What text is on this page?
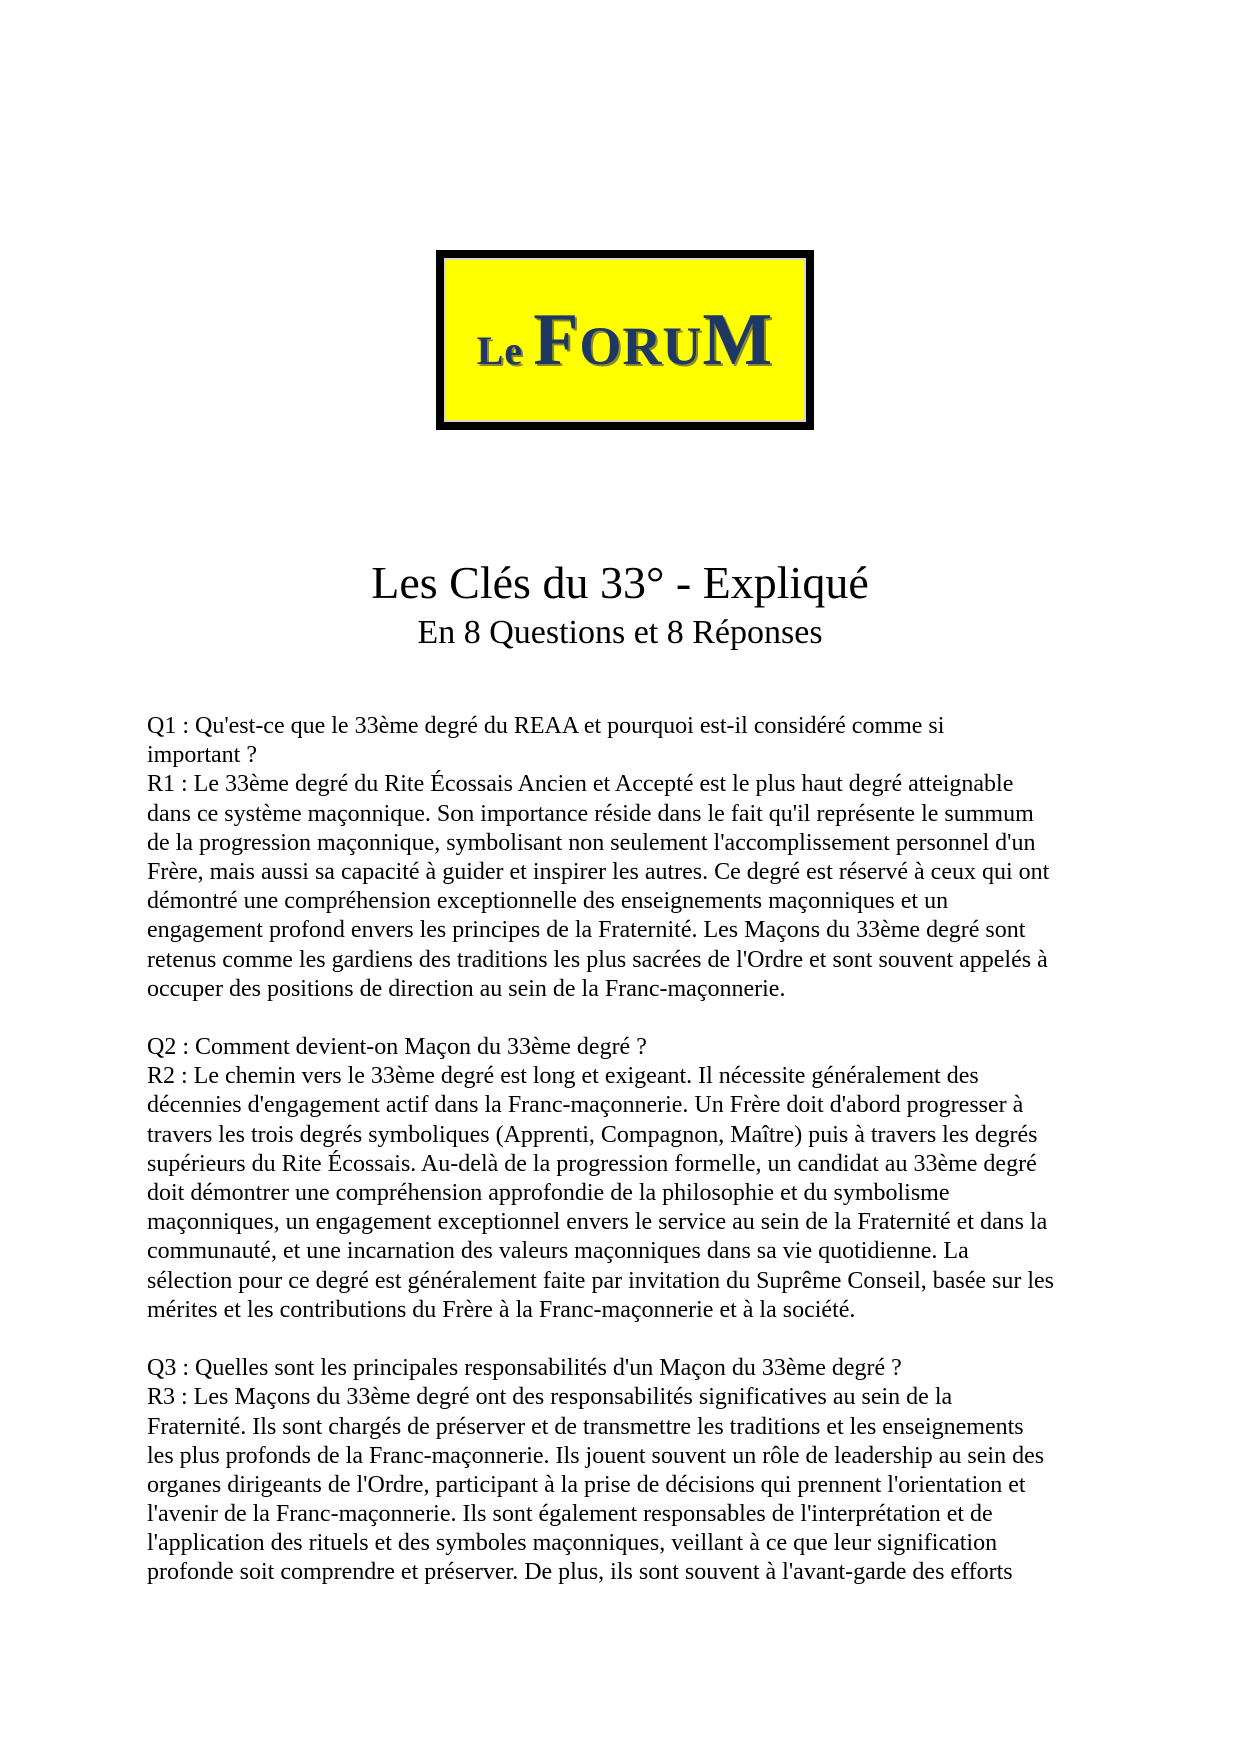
Le FORUM
Les Clés du 33° - Expliqué
En 8 Questions et 8 Réponses
Q1 : Qu'est-ce que le 33ème degré du REAA et pourquoi est-il considéré comme si
important ?
R1 : Le 33ème degré du Rite Écossais Ancien et Accepté est le plus haut degré atteignable
dans ce système maçonnique. Son importance réside dans le fait qu'il représente le summum
de la progression maçonnique, symbolisant non seulement l'accomplissement personnel d'un
Frère, mais aussi sa capacité à guider et inspirer les autres. Ce degré est réservé à ceux qui ont
démontré une compréhension exceptionnelle des enseignements maçonniques et un
engagement profond envers les principes de la Fraternité. Les Maçons du 33ème degré sont
retenus comme les gardiens des traditions les plus sacrées de l'Ordre et sont souvent appelés à
occuper des positions de direction au sein de la Franc-maçonnerie.
Q2 : Comment devient-on Maçon du 33ème degré ?
R2 : Le chemin vers le 33ème degré est long et exigeant. Il nécessite généralement des
décennies d'engagement actif dans la Franc-maçonnerie. Un Frère doit d'abord progresser à
travers les trois degrés symboliques (Apprenti, Compagnon, Maître) puis à travers les degrés
supérieurs du Rite Écossais. Au-delà de la progression formelle, un candidat au 33ème degré
doit démontrer une compréhension approfondie de la philosophie et du symbolisme
maçonniques, un engagement exceptionnel envers le service au sein de la Fraternité et dans la
communauté, et une incarnation des valeurs maçonniques dans sa vie quotidienne. La
sélection pour ce degré est généralement faite par invitation du Suprême Conseil, basée sur les
mérites et les contributions du Frère à la Franc-maçonnerie et à la société.
Q3 : Quelles sont les principales responsabilités d'un Maçon du 33ème degré ?
R3 : Les Maçons du 33ème degré ont des responsabilités significatives au sein de la
Fraternité. Ils sont chargés de préserver et de transmettre les traditions et les enseignements
les plus profonds de la Franc-maçonnerie. Ils jouent souvent un rôle de leadership au sein des
organes dirigeants de l'Ordre, participant à la prise de décisions qui prennent l'orientation et
l'avenir de la Franc-maçonnerie. Ils sont également responsables de l'interprétation et de
l'application des rituels et des symboles maçonniques, veillant à ce que leur signification
profonde soit comprendre et préserver. De plus, ils sont souvent à l'avant-garde des efforts
